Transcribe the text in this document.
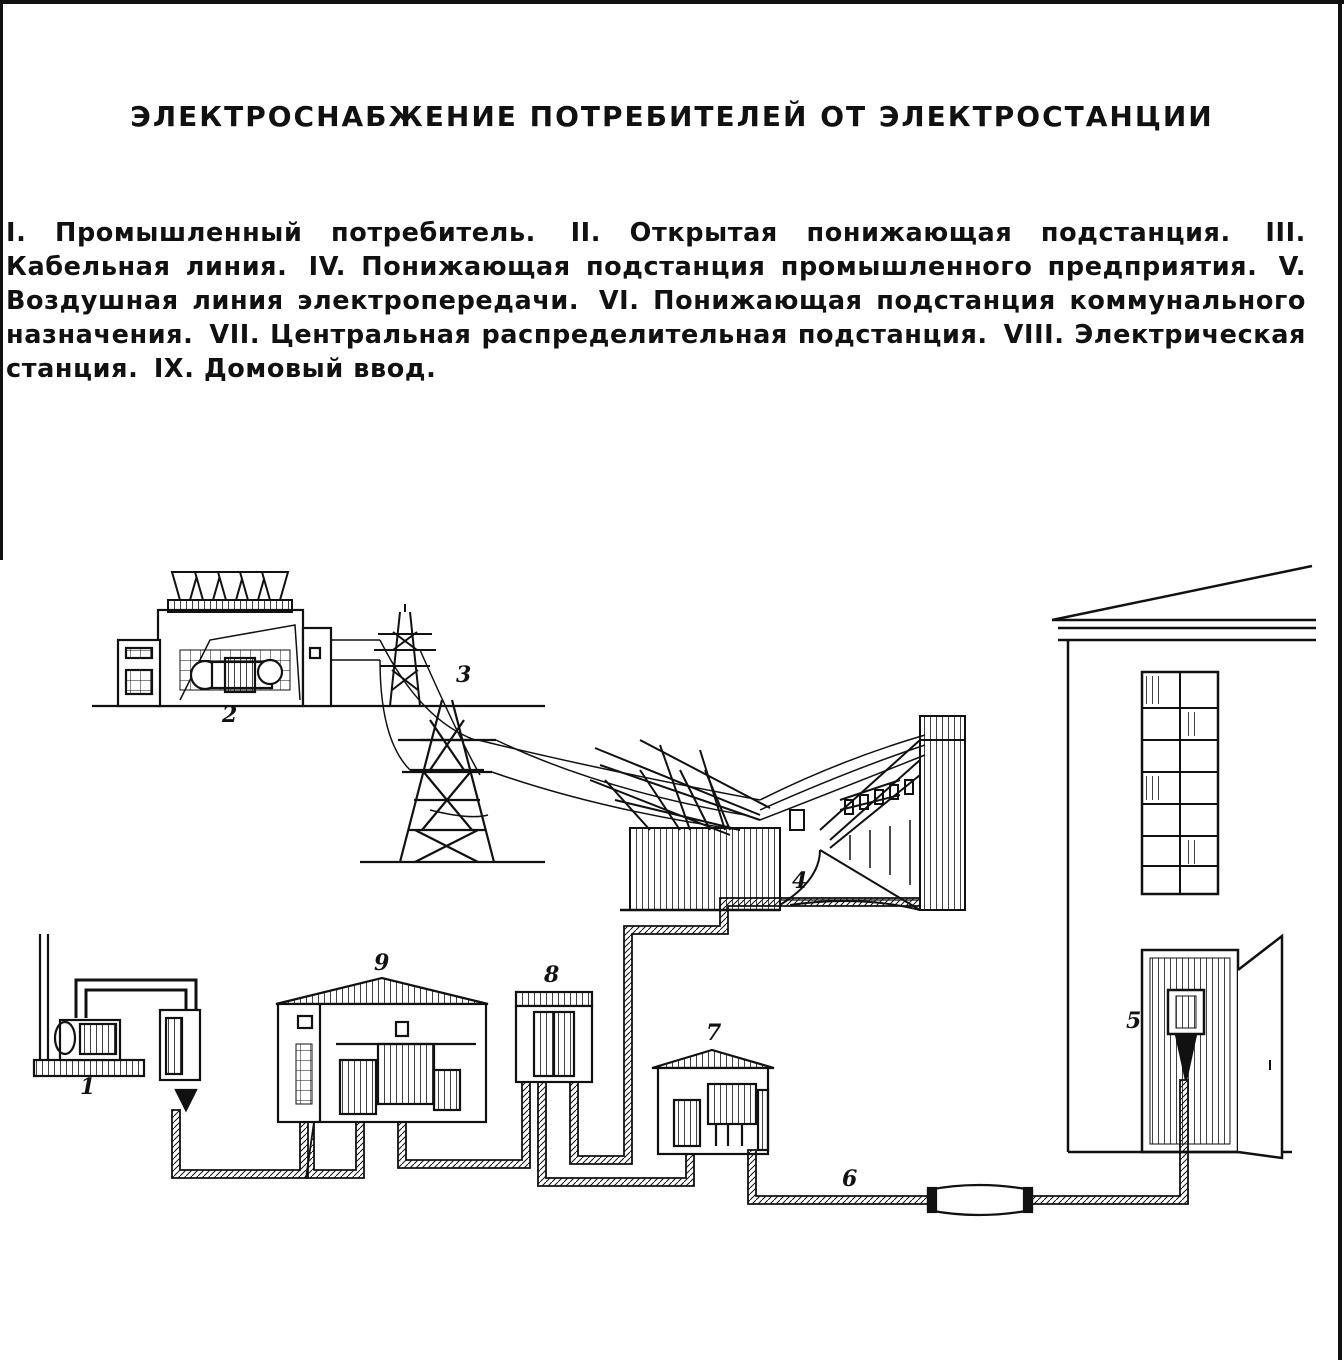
ЭЛЕКТРОСНАБЖЕНИЕ ПОТРЕБИТЕЛЕЙ ОТ ЭЛЕКТРОСТАНЦИИ
I. Промышленный потребитель. II. Открытая понижающая подстанция. III. Кабельная линия. IV. Понижающая подстанция промышленного предприятия. V. Воздушная линия электропередачи. VI. Понижающая подстанция коммунального назначения. VII. Центральная распределительная подстанция. VIII. Электрическая станция. IX. Домовый ввод.
2
3
4
5
1
9	8
7
6
